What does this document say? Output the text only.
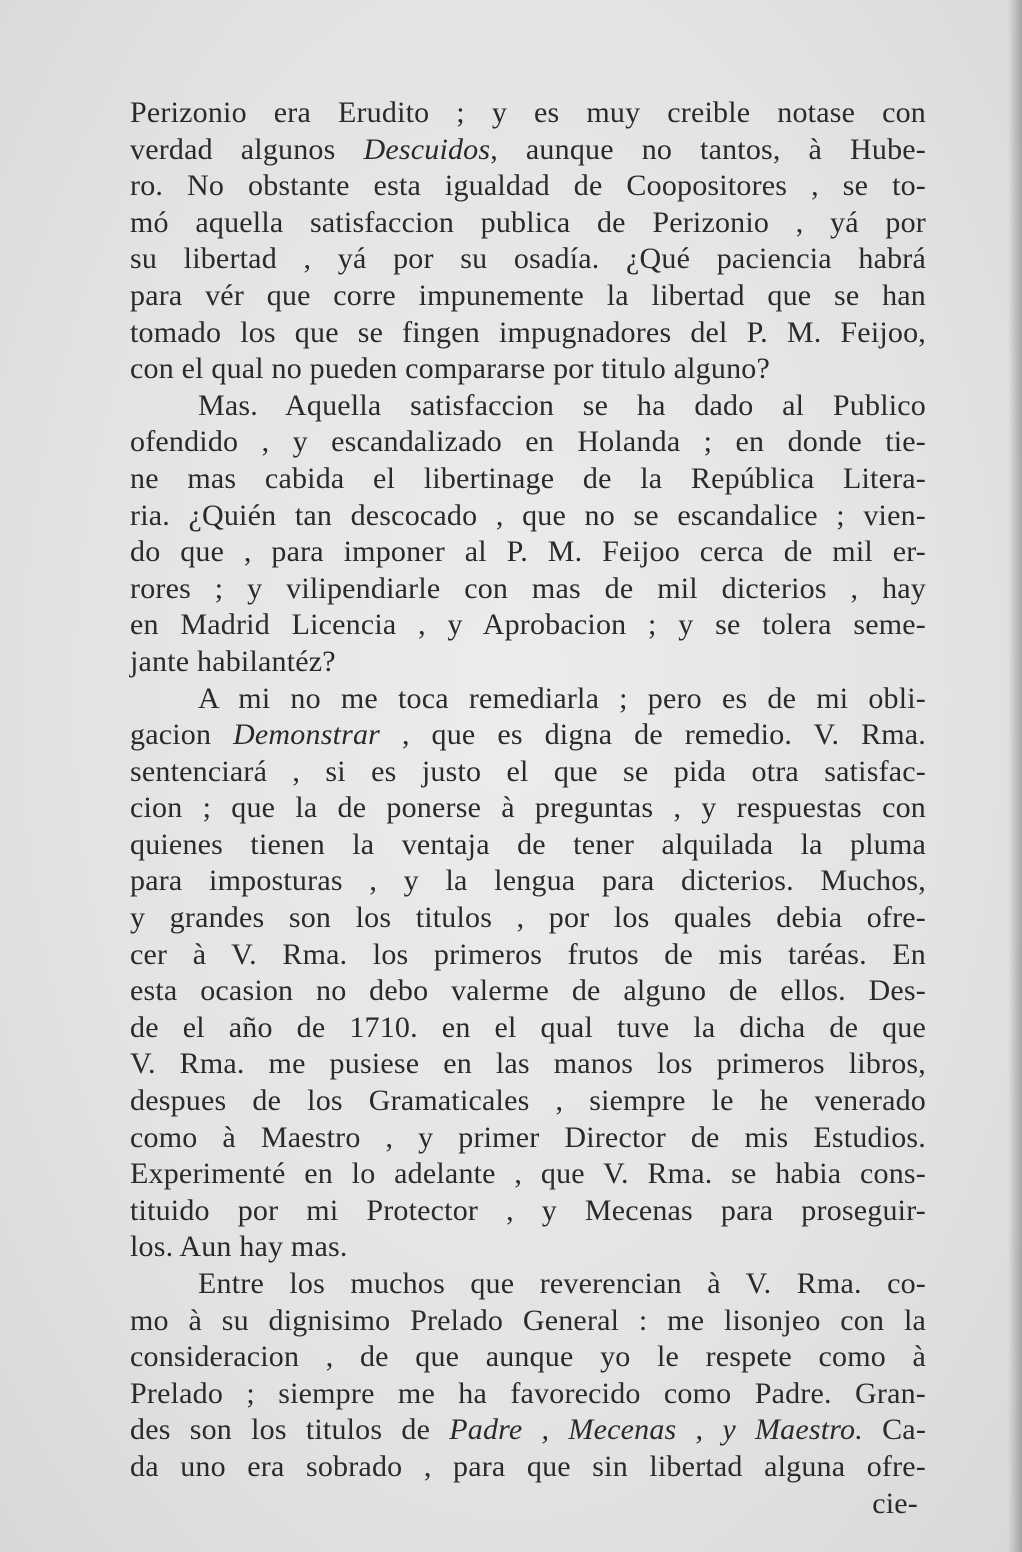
Perizonio era Erudito ; y es muy creible notase con
verdad algunos Descuidos, aunque no tantos, à Hube-
ro. No obstante esta igualdad de Coopositores , se to-
mó aquella satisfaccion publica de Perizonio , yá por
su libertad , yá por su osadía. ¿Qué paciencia habrá
para vér que corre impunemente la libertad que se han
tomado los que se fingen impugnadores del P. M. Feijoo,
con el qual no pueden compararse por titulo alguno?
Mas. Aquella satisfaccion se ha dado al Publico
ofendido , y escandalizado en Holanda ; en donde tie-
ne mas cabida el libertinage de la República Litera-
ria. ¿Quién tan descocado , que no se escandalice ; vien-
do que , para imponer al P. M. Feijoo cerca de mil er-
rores ; y vilipendiarle con mas de mil dicterios , hay
en Madrid Licencia , y Aprobacion ; y se tolera seme-
jante habilantéz?
A mi no me toca remediarla ; pero es de mi obli-
gacion Demonstrar , que es digna de remedio. V. Rma.
sentenciará , si es justo el que se pida otra satisfac-
cion ; que la de ponerse à preguntas , y respuestas con
quienes tienen la ventaja de tener alquilada la pluma
para imposturas , y la lengua para dicterios. Muchos,
y grandes son los titulos , por los quales debia ofre-
cer à V. Rma. los primeros frutos de mis taréas. En
esta ocasion no debo valerme de alguno de ellos. Des-
de el año de 1710. en el qual tuve la dicha de que
V. Rma. me pusiese en las manos los primeros libros,
despues de los Gramaticales , siempre le he venerado
como à Maestro , y primer Director de mis Estudios.
Experimenté en lo adelante , que V. Rma. se habia cons-
tituido por mi Protector , y Mecenas para proseguir-
los. Aun hay mas.
Entre los muchos que reverencian à V. Rma. co-
mo à su dignisimo Prelado General : me lisonjeo con la
consideracion , de que aunque yo le respete como à
Prelado ; siempre me ha favorecido como Padre. Gran-
des son los titulos de Padre , Mecenas , y Maestro. Ca-
da uno era sobrado , para que sin libertad alguna ofre-
cie-
